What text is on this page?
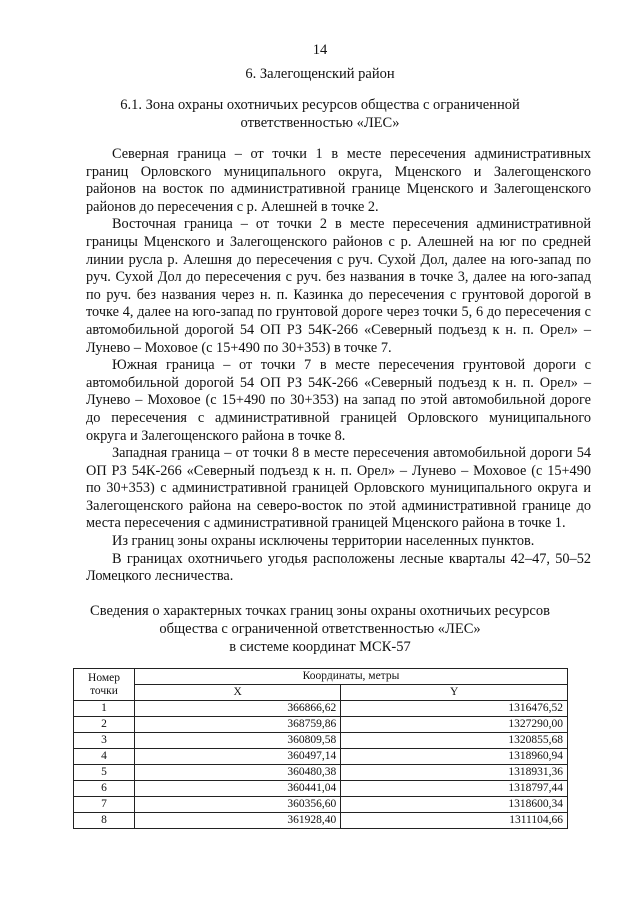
14
6. Залегощенский район
6.1. Зона охраны охотничьих ресурсов общества с ограниченной ответственностью «ЛЕС»

Северная граница – от точки 1 в месте пересечения административных границ Орловского муниципального округа, Мценского и Залегощенского районов на восток по административной границе Мценского и Залегощенского районов до пересечения с р. Алешней в точке 2.

Восточная граница – от точки 2 в месте пересечения административной границы Мценского и Залегощенского районов с р. Алешней на юг по средней линии русла р. Алешня до пересечения с руч. Сухой Дол, далее на юго-запад по руч. Сухой Дол до пересечения с руч. без названия в точке 3, далее на юго-запад по руч. без названия через н. п. Казинка до пересечения с грунтовой дорогой в точке 4, далее на юго-запад по грунтовой дороге через точки 5, 6 до пересечения с автомобильной дорогой 54 ОП РЗ 54К-266 «Северный подъезд к н. п. Орел» – Лунево – Моховое (с 15+490 по 30+353) в точке 7.

Южная граница – от точки 7 в месте пересечения грунтовой дороги с автомобильной дорогой 54 ОП РЗ 54К-266 «Северный подъезд к н. п. Орел» – Лунево – Моховое (с 15+490 по 30+353) на запад по этой автомобильной дороге до пересечения с административной границей Орловского муниципального округа и Залегощенского района в точке 8.

Западная граница – от точки 8 в месте пересечения автомобильной дороги 54 ОП РЗ 54К-266 «Северный подъезд к н. п. Орел» – Лунево – Моховое (с 15+490 по 30+353) с административной границей Орловского муниципального округа и Залегощенского района на северо-восток по этой административной границе до места пересечения с административной границей Мценского района в точке 1.

Из границ зоны охраны исключены территории населенных пунктов.

В границах охотничьего угодья расположены лесные кварталы 42–47, 50–52 Ломецкого лесничества.

Сведения о характерных точках границ зоны охраны охотничьих ресурсов
общества с ограниченной ответственностью «ЛЕС»
в системе координат МСК-57
Номер точки	Координаты, метры	
	X	Y
1	366866,62	1316476,52
2	368759,86	1327290,00
3	360809,58	1320855,68
4	360497,14	1318960,94
5	360480,38	1318931,36
6	360441,04	1318797,44
7	360356,60	1318600,34
8	361928,40	1311104,66
